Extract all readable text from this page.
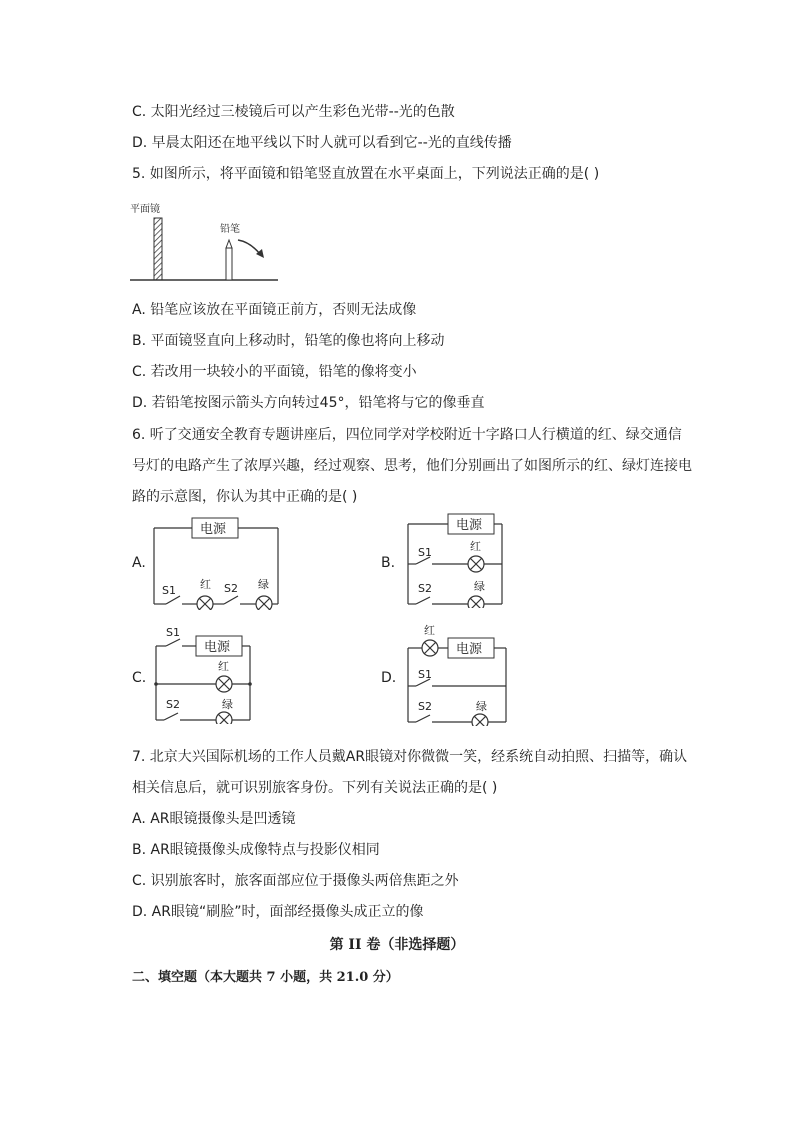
C. 太阳光经过三棱镜后可以产生彩色光带--光的色散
D. 早晨太阳还在地平线以下时人就可以看到它--光的直线传播
5. 如图所示，将平面镜和铅笔竖直放置在水平桌面上，下列说法正确的是( )
平面镜
铅笔
A. 铅笔应该放在平面镜正前方，否则无法成像
B. 平面镜竖直向上移动时，铅笔的像也将向上移动
C. 若改用一块较小的平面镜，铅笔的像将变小
D. 若铅笔按图示箭头方向转过45°，铅笔将与它的像垂直
6. 听了交通安全教育专题讲座后，四位同学对学校附近十字路口人行横道的红、绿交通信
号灯的电路产生了浓厚兴趣，经过观察、思考，他们分别画出了如图所示的红、绿灯连接电
路的示意图，你认为其中正确的是( )
A.
电源
S1 红 S2 绿
B.
电源
S1	红
S2	绿
C.
电源
S1
红
S2	绿
D.
电源
红
S1
S2	绿
7. 北京大兴国际机场的工作人员戴AR眼镜对你微微一笑，经系统自动拍照、扫描等，确认
相关信息后，就可识别旅客身份。下列有关说法正确的是( )
A. AR眼镜摄像头是凹透镜
B. AR眼镜摄像头成像特点与投影仪相同
C. 识别旅客时，旅客面部应位于摄像头两倍焦距之外
D. AR眼镜“刷脸”时，面部经摄像头成正立的像
第 II 卷（非选择题）
二、填空题（本大题共 7 小题，共 21.0 分）
